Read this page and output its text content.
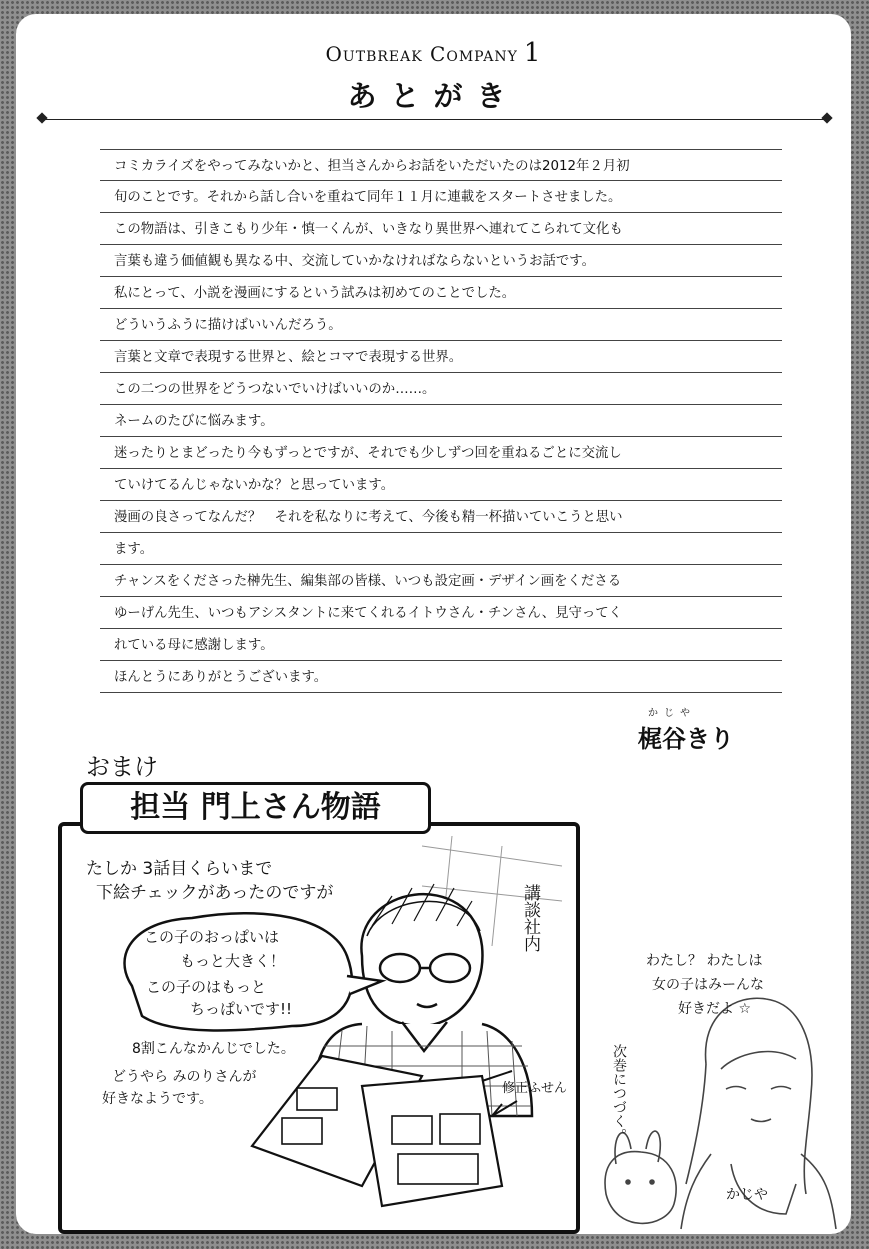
Outbreak Company 1
あとがき
コミカライズをやってみないかと、担当さんからお話をいただいたのは2012年２月初
旬のことです。それから話し合いを重ねて同年１１月に連載をスタートさせました。
この物語は、引きこもり少年・慎一くんが、いきなり異世界へ連れてこられて文化も
言葉も違う価値観も異なる中、交流していかなければならないというお話です。
私にとって、小説を漫画にするという試みは初めてのことでした。
どういうふうに描けばいいんだろう。
言葉と文章で表現する世界と、絵とコマで表現する世界。
この二つの世界をどうつないでいけばいいのか……。
ネームのたびに悩みます。
迷ったりとまどったり今もずっとですが、それでも少しずつ回を重ねるごとに交流し
ていけてるんじゃないかな？と思っています。
漫画の良さってなんだ？　それを私なりに考えて、今後も精一杯描いていこうと思い
ます。
チャンスをくださった榊先生、編集部の皆様、いつも設定画・デザイン画をくださる
ゆーげん先生、いつもアシスタントに来てくれるイトウさん・チンさん、見守ってく
れている母に感謝します。
ほんとうにありがとうございます。
かじや
梶谷きり
おまけ
たしか 3話目くらいまで
下絵チェックがあったのですが
この子のおっぱいは
もっと大きく！
この子のはもっと
ちっぱいです!!
講談社内
8割こんなかんじでした。
どうやら みのりさんが
好きなようです。
修正ふせん
担当 門上さん物語
わたし？ わたしは
女の子はみーんな
好きだよ ☆
次巻につづく。
かじや
